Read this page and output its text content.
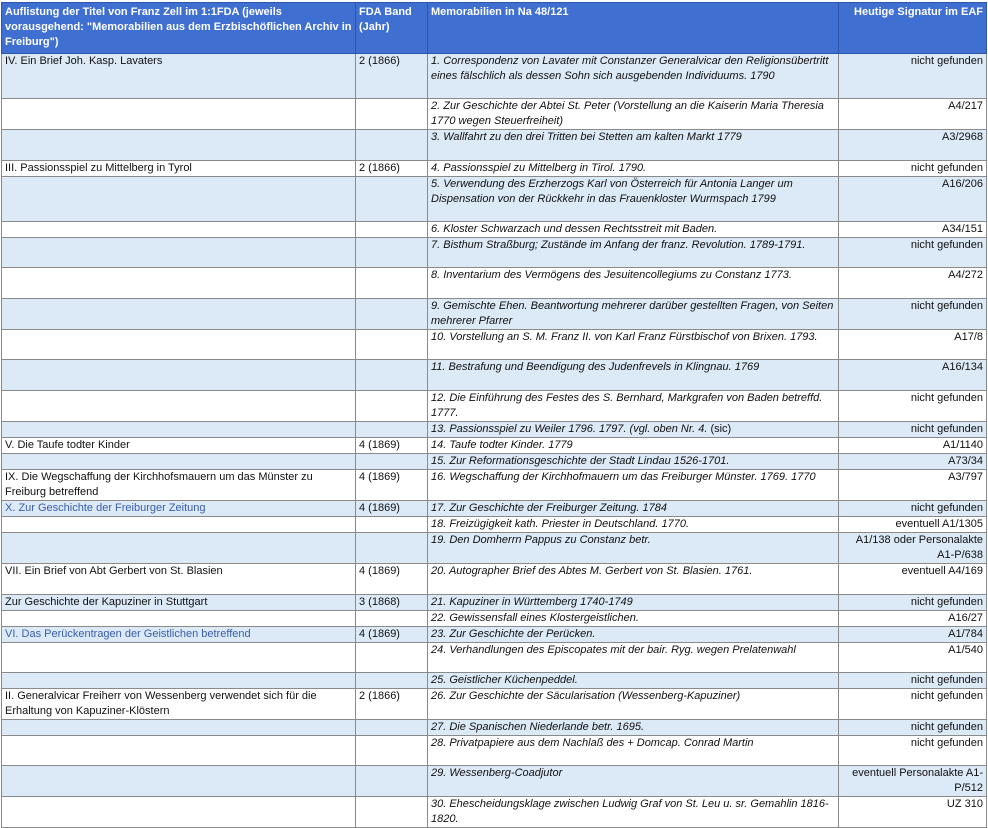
Auflistung der Titel von Franz Zell im 1:1FDA (jeweils vorausgehend: "Memorabilien aus dem Erzbischöflichen Archiv in Freiburg")	FDA Band (Jahr)	Memorabilien in Na 48/121	Heutige Signatur im EAF
IV. Ein Brief Joh. Kasp. Lavaters	2 (1866)	1. Correspondenz von Lavater mit Constanzer Generalvicar den Religionsübertritt eines fälschlich als dessen Sohn sich ausgebenden Individuums. 1790	nicht gefunden
		2. Zur Geschichte der Abtei St. Peter (Vorstellung an die Kaiserin Maria Theresia 1770 wegen Steuerfreiheit)	A4/217
		3. Wallfahrt zu den drei Tritten bei Stetten am kalten Markt 1779	A3/2968
III. Passionsspiel zu Mittelberg in Tyrol	2 (1866)	4. Passionsspiel zu Mittelberg in Tirol. 1790.	nicht gefunden
		5. Verwendung des Erzherzogs Karl von Österreich für Antonia Langer um Dispensation von der Rückkehr in das Frauenkloster Wurmspach 1799	A16/206
		6. Kloster Schwarzach und dessen Rechtsstreit mit Baden.	A34/151
		7. Bisthum Straßburg; Zustände im Anfang der franz. Revolution. 1789-1791.	nicht gefunden
		8. Inventarium des Vermögens des Jesuitencollegiums zu Constanz 1773.	A4/272
		9. Gemischte Ehen. Beantwortung mehrerer darüber gestellten Fragen, von Seiten mehrerer Pfarrer	nicht gefunden
		10. Vorstellung an S. M. Franz II. von Karl Franz Fürstbischof von Brixen. 1793.	A17/8
		11. Bestrafung und Beendigung des Judenfrevels in Klingnau. 1769	A16/134
		12. Die Einführung des Festes des S. Bernhard, Markgrafen von Baden betreffd. 1777.	nicht gefunden
		13. Passionsspiel zu Weiler 1796. 1797. (vgl. oben Nr. 4. (sic)	nicht gefunden
V. Die Taufe todter Kinder	4 (1869)	14. Taufe todter Kinder. 1779	A1/1140
		15. Zur Reformationsgeschichte der Stadt Lindau 1526-1701.	A73/34
IX. Die Wegschaffung der Kirchhofsmauern um das Münster zu Freiburg betreffend	4 (1869)	16. Wegschaffung der Kirchhofmauern um das Freiburger Münster. 1769. 1770	A3/797
X. Zur Geschichte der Freiburger Zeitung	4 (1869)	17. Zur Geschichte der Freiburger Zeitung. 1784	nicht gefunden
		18. Freizügigkeit kath. Priester in Deutschland. 1770.	eventuell A1/1305
		19. Den Domherrn Pappus zu Constanz betr.	A1/138 oder Personalakte A1-P/638
VII. Ein Brief von Abt Gerbert von St. Blasien	4 (1869)	20. Autographer Brief des Abtes M. Gerbert von St. Blasien. 1761.	eventuell A4/169
Zur Geschichte der Kapuziner in Stuttgart	3 (1868)	21. Kapuziner in Württemberg 1740-1749	nicht gefunden
		22. Gewissensfall eines Klostergeistlichen.	A16/27
VI. Das Perückentragen der Geistlichen betreffend	4 (1869)	23. Zur Geschichte der Perücken.	A1/784
		24. Verhandlungen des Episcopates mit der bair. Ryg. wegen Prelatenwahl	A1/540
		25. Geistlicher Küchenpeddel.	nicht gefunden
II. Generalvicar Freiherr von Wessenberg verwendet sich für die Erhaltung von Kapuziner-Klöstern	2 (1866)	26. Zur Geschichte der Säcularisation (Wessenberg-Kapuziner)	nicht gefunden
		27. Die Spanischen Niederlande betr. 1695.	nicht gefunden
		28. Privatpapiere aus dem Nachlaß des + Domcap. Conrad Martin	nicht gefunden
		29. Wessenberg-Coadjutor	eventuell Personalakte A1-P/512
		30. Ehescheidungsklage zwischen Ludwig Graf von St. Leu u. sr. Gemahlin 1816-1820.	UZ 310
